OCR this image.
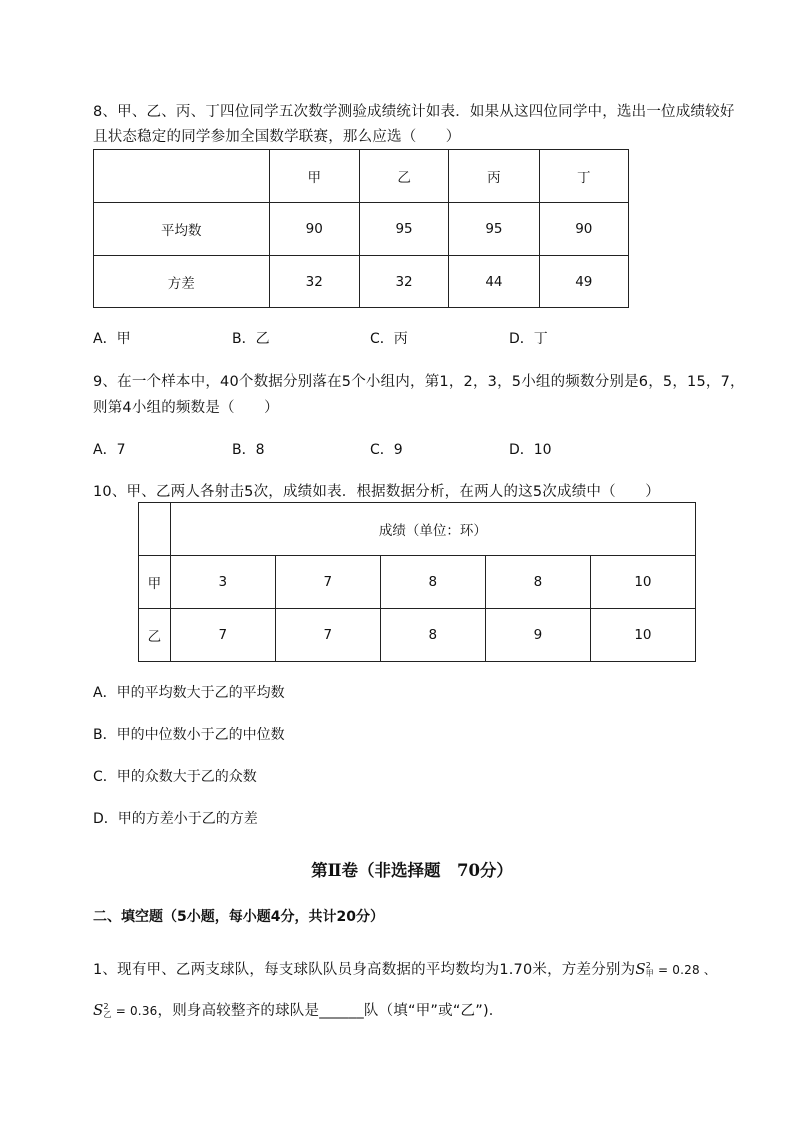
8、甲、乙、丙、丁四位同学五次数学测验成绩统计如表．如果从这四位同学中，选出一位成绩较好
且状态稳定的同学参加全国数学联赛，那么应选（　　）
	甲	乙	丙	丁
平均数	90	95	95	90
方差	32	32	44	49
A．甲	B．乙	C．丙	D．丁
9、在一个样本中，40个数据分别落在5个小组内，第1，2，3，5小组的频数分别是6，5，15，7，
则第4小组的频数是（　　）
A．7	B．8	C．9	D．10
10、甲、乙两人各射击5次，成绩如表．根据数据分析，在两人的这5次成绩中（　　）
	成绩（单位：环）				
甲	3	7	8	8	10
乙	7	7	8	9	10
A．甲的平均数大于乙的平均数
B．甲的中位数小于乙的中位数
C．甲的众数大于乙的众数
D．甲的方差小于乙的方差
第Ⅱ卷（非选择题　70分）
二、填空题（5小题，每小题4分，共计20分）
1、现有甲、乙两支球队，每支球队队员身高数据的平均数均为1.70米，方差分别为S 2
甲 = 0.28 、
S 2
乙 = 0.36，则身高较整齐的球队是______队（填“甲”或“乙”)．
